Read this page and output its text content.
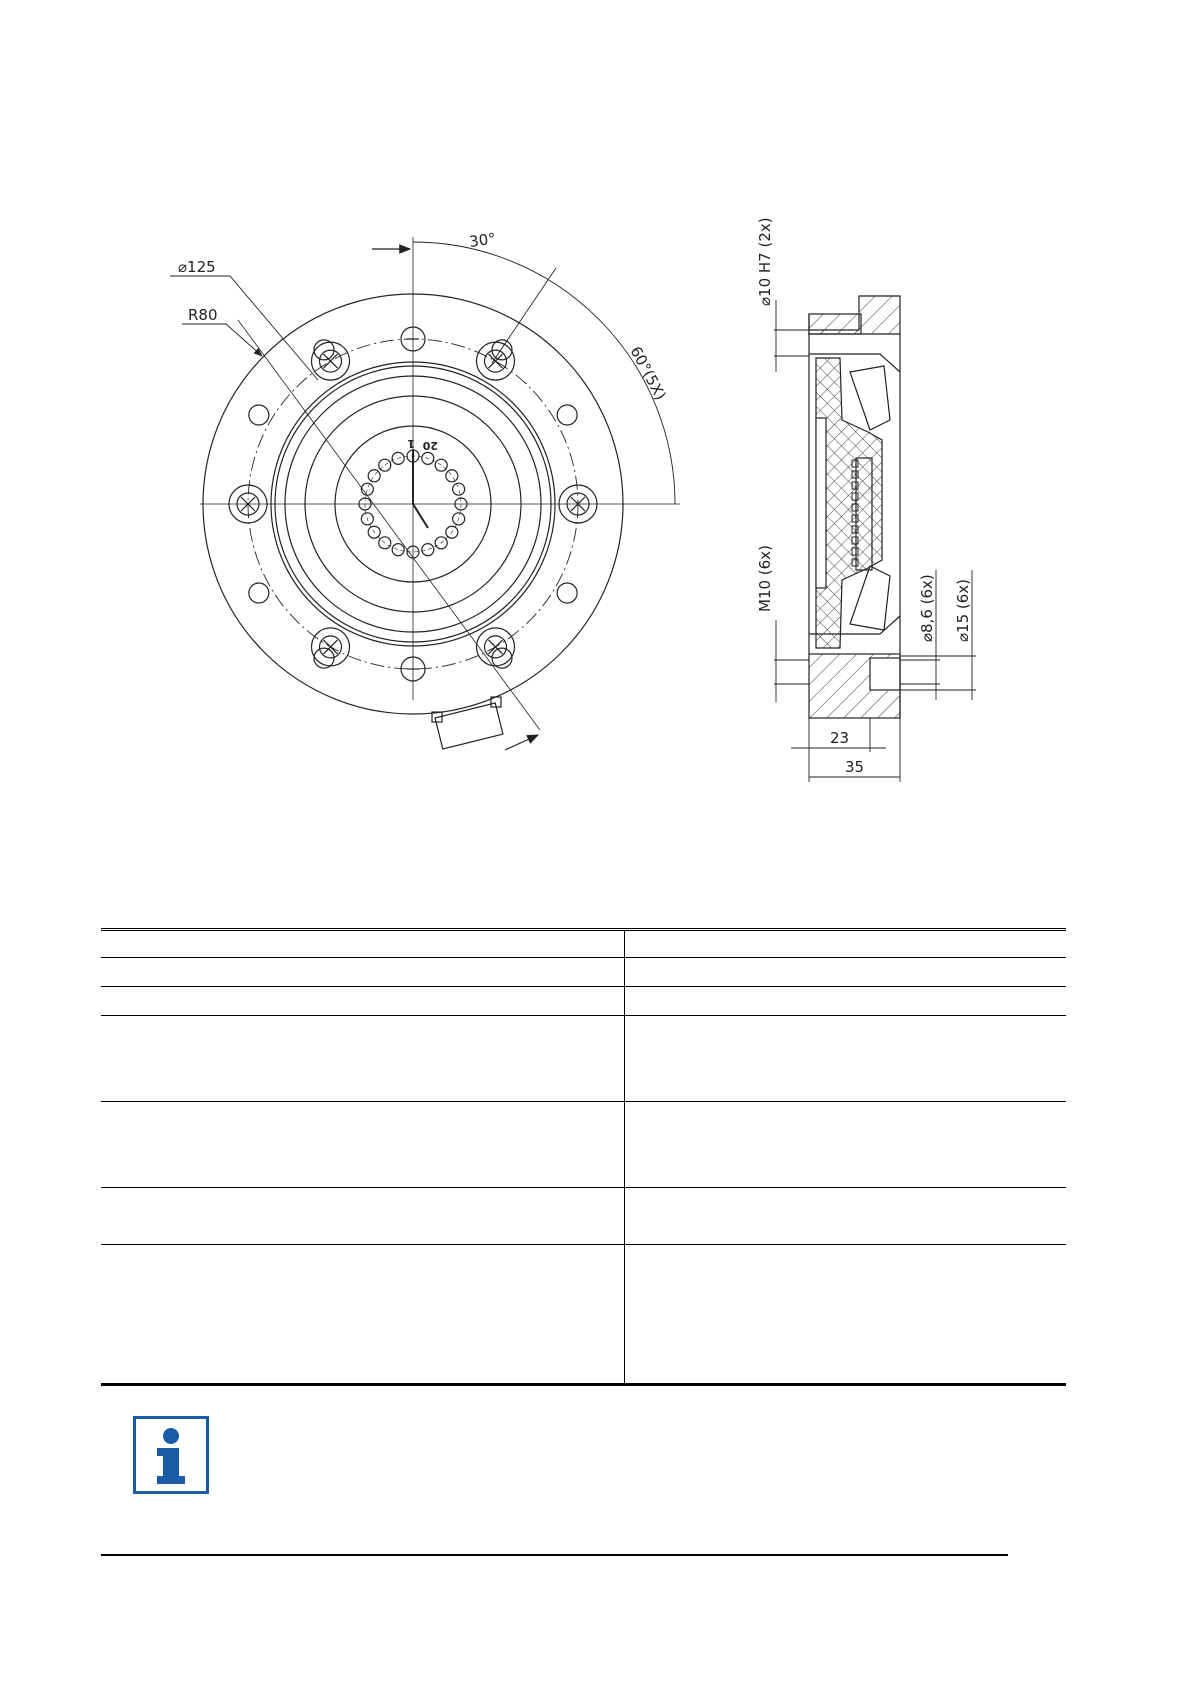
⌀125
R80
30°
60°(5X)
1 20
⌀10 H7 (2x)
M10 (6x)	⌀8,6 (6x) ⌀15 (6x)
23
35
